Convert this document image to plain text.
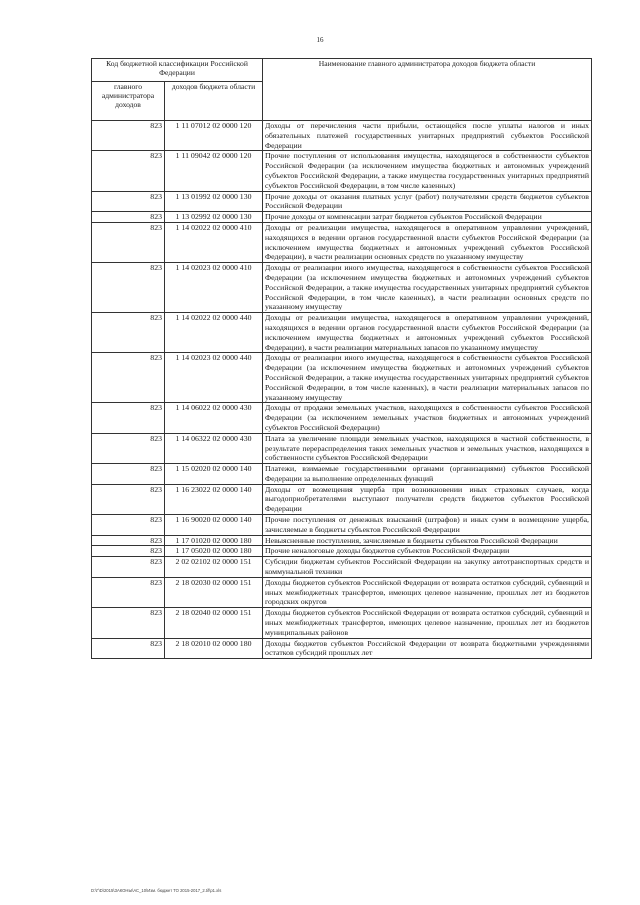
16
Код бюджетной классификации Российской Федерации		Наименование главного администратора доходов бюджета области
главного администратора доходов	доходов бюджета области	
823	1 11 07012 02 0000 120	Доходы от перечисления части прибыли, остающейся после уплаты налогов и иных обязательных платежей государственных унитарных предприятий субъектов Российской Федерации
823	1 11 09042 02 0000 120	Прочие поступления от использования имущества, находящегося в собственности субъектов Российской Федерации (за исключением имущества бюджетных и автономных учреждений субъектов Российской Федерации, а также имущества государственных унитарных предприятий субъектов Российской Федерации, в том числе казенных)
823	1 13 01992 02 0000 130	Прочие доходы от оказания платных услуг (работ) получателями средств бюджетов субъектов Российской Федерации
823	1 13 02992 02 0000 130	Прочие доходы от компенсации затрат бюджетов субъектов Российской Федерации
823	1 14 02022 02 0000 410	Доходы от реализации имущества, находящегося в оперативном управлении учреждений, находящихся в ведении органов государственной власти субъектов Российской Федерации (за исключением имущества бюджетных и автономных учреждений субъектов Российской Федерации), в части реализации основных средств по указанному имуществу
823	1 14 02023 02 0000 410	Доходы от реализации иного имущества, находящегося в собственности субъектов Российской Федерации (за исключением имущества бюджетных и автономных учреждений субъектов Российской Федерации, а также имущества государственных унитарных предприятий субъектов Российской Федерации, в том числе казенных), в части реализации основных средств по указанному имуществу
823	1 14 02022 02 0000 440	Доходы от реализации имущества, находящегося в оперативном управлении учреждений, находящихся в ведении органов государственной власти субъектов Российской Федерации (за исключением имущества бюджетных и автономных учреждений субъектов Российской Федерации), в части реализации материальных запасов по указанному имуществу
823	1 14 02023 02 0000 440	Доходы от реализации иного имущества, находящегося в собственности субъектов Российской Федерации (за исключением имущества бюджетных и автономных учреждений субъектов Российской Федерации, а также имущества государственных унитарных предприятий субъектов Российской Федерации, в том числе казенных), в части реализации материальных запасов по указанному имуществу
823	1 14 06022 02 0000 430	Доходы от продажи земельных участков, находящихся в собственности субъектов Российской Федерации (за исключением земельных участков бюджетных и автономных учреждений субъектов Российской Федерации)
823	1 14 06322 02 0000 430	Плата за увеличение площади земельных участков, находящихся в частной собственности, в результате перераспределения таких земельных участков и земельных участков, находящихся в собственности субъектов Российской Федерации
823	1 15 02020 02 0000 140	Платежи, взимаемые государственными органами (организациями) субъектов Российской Федерации за выполнение определенных функций
823	1 16 23022 02 0000 140	Доходы от возмещения ущерба при возникновении иных страховых случаев, когда выгодоприобретателями выступают получатели средств бюджетов субъектов Российской Федерации
823	1 16 90020 02 0000 140	Прочие поступления от денежных взысканий (штрафов) и иных сумм в возмещение ущерба, зачисляемые в бюджеты субъектов Российской Федерации
823	1 17 01020 02 0000 180	Невыясненные поступления, зачисляемые в бюджеты субъектов Российской Федерации
823	1 17 05020 02 0000 180	Прочие неналоговые доходы бюджетов субъектов Российской Федерации
823	2 02 02102 02 0000 151	Субсидии бюджетам субъектов Российской Федерации на закупку автотранспортных средств и коммунальной техники
823	2 18 02030 02 0000 151	Доходы бюджетов субъектов Российской Федерации от возврата остатков субсидий, субвенций и иных межбюджетных трансфертов, имеющих целевое назначение, прошлых лет из бюджетов городских округов
823	2 18 02040 02 0000 151	Доходы бюджетов субъектов Российской Федерации от возврата остатков субсидий, субвенций и иных межбюджетных трансфертов, имеющих целевое назначение, прошлых лет из бюджетов муниципальных районов
823	2 18 02010 02 0000 180	Доходы бюджетов субъектов Российской Федерации от возврата бюджетными учреждениями остатков субсидий прошлых лет
D:\Г\D\2015\ЗАКОНЫ\АС_10\Изм. бюджет ТО 2015-2017_2.tif\p1.xls
